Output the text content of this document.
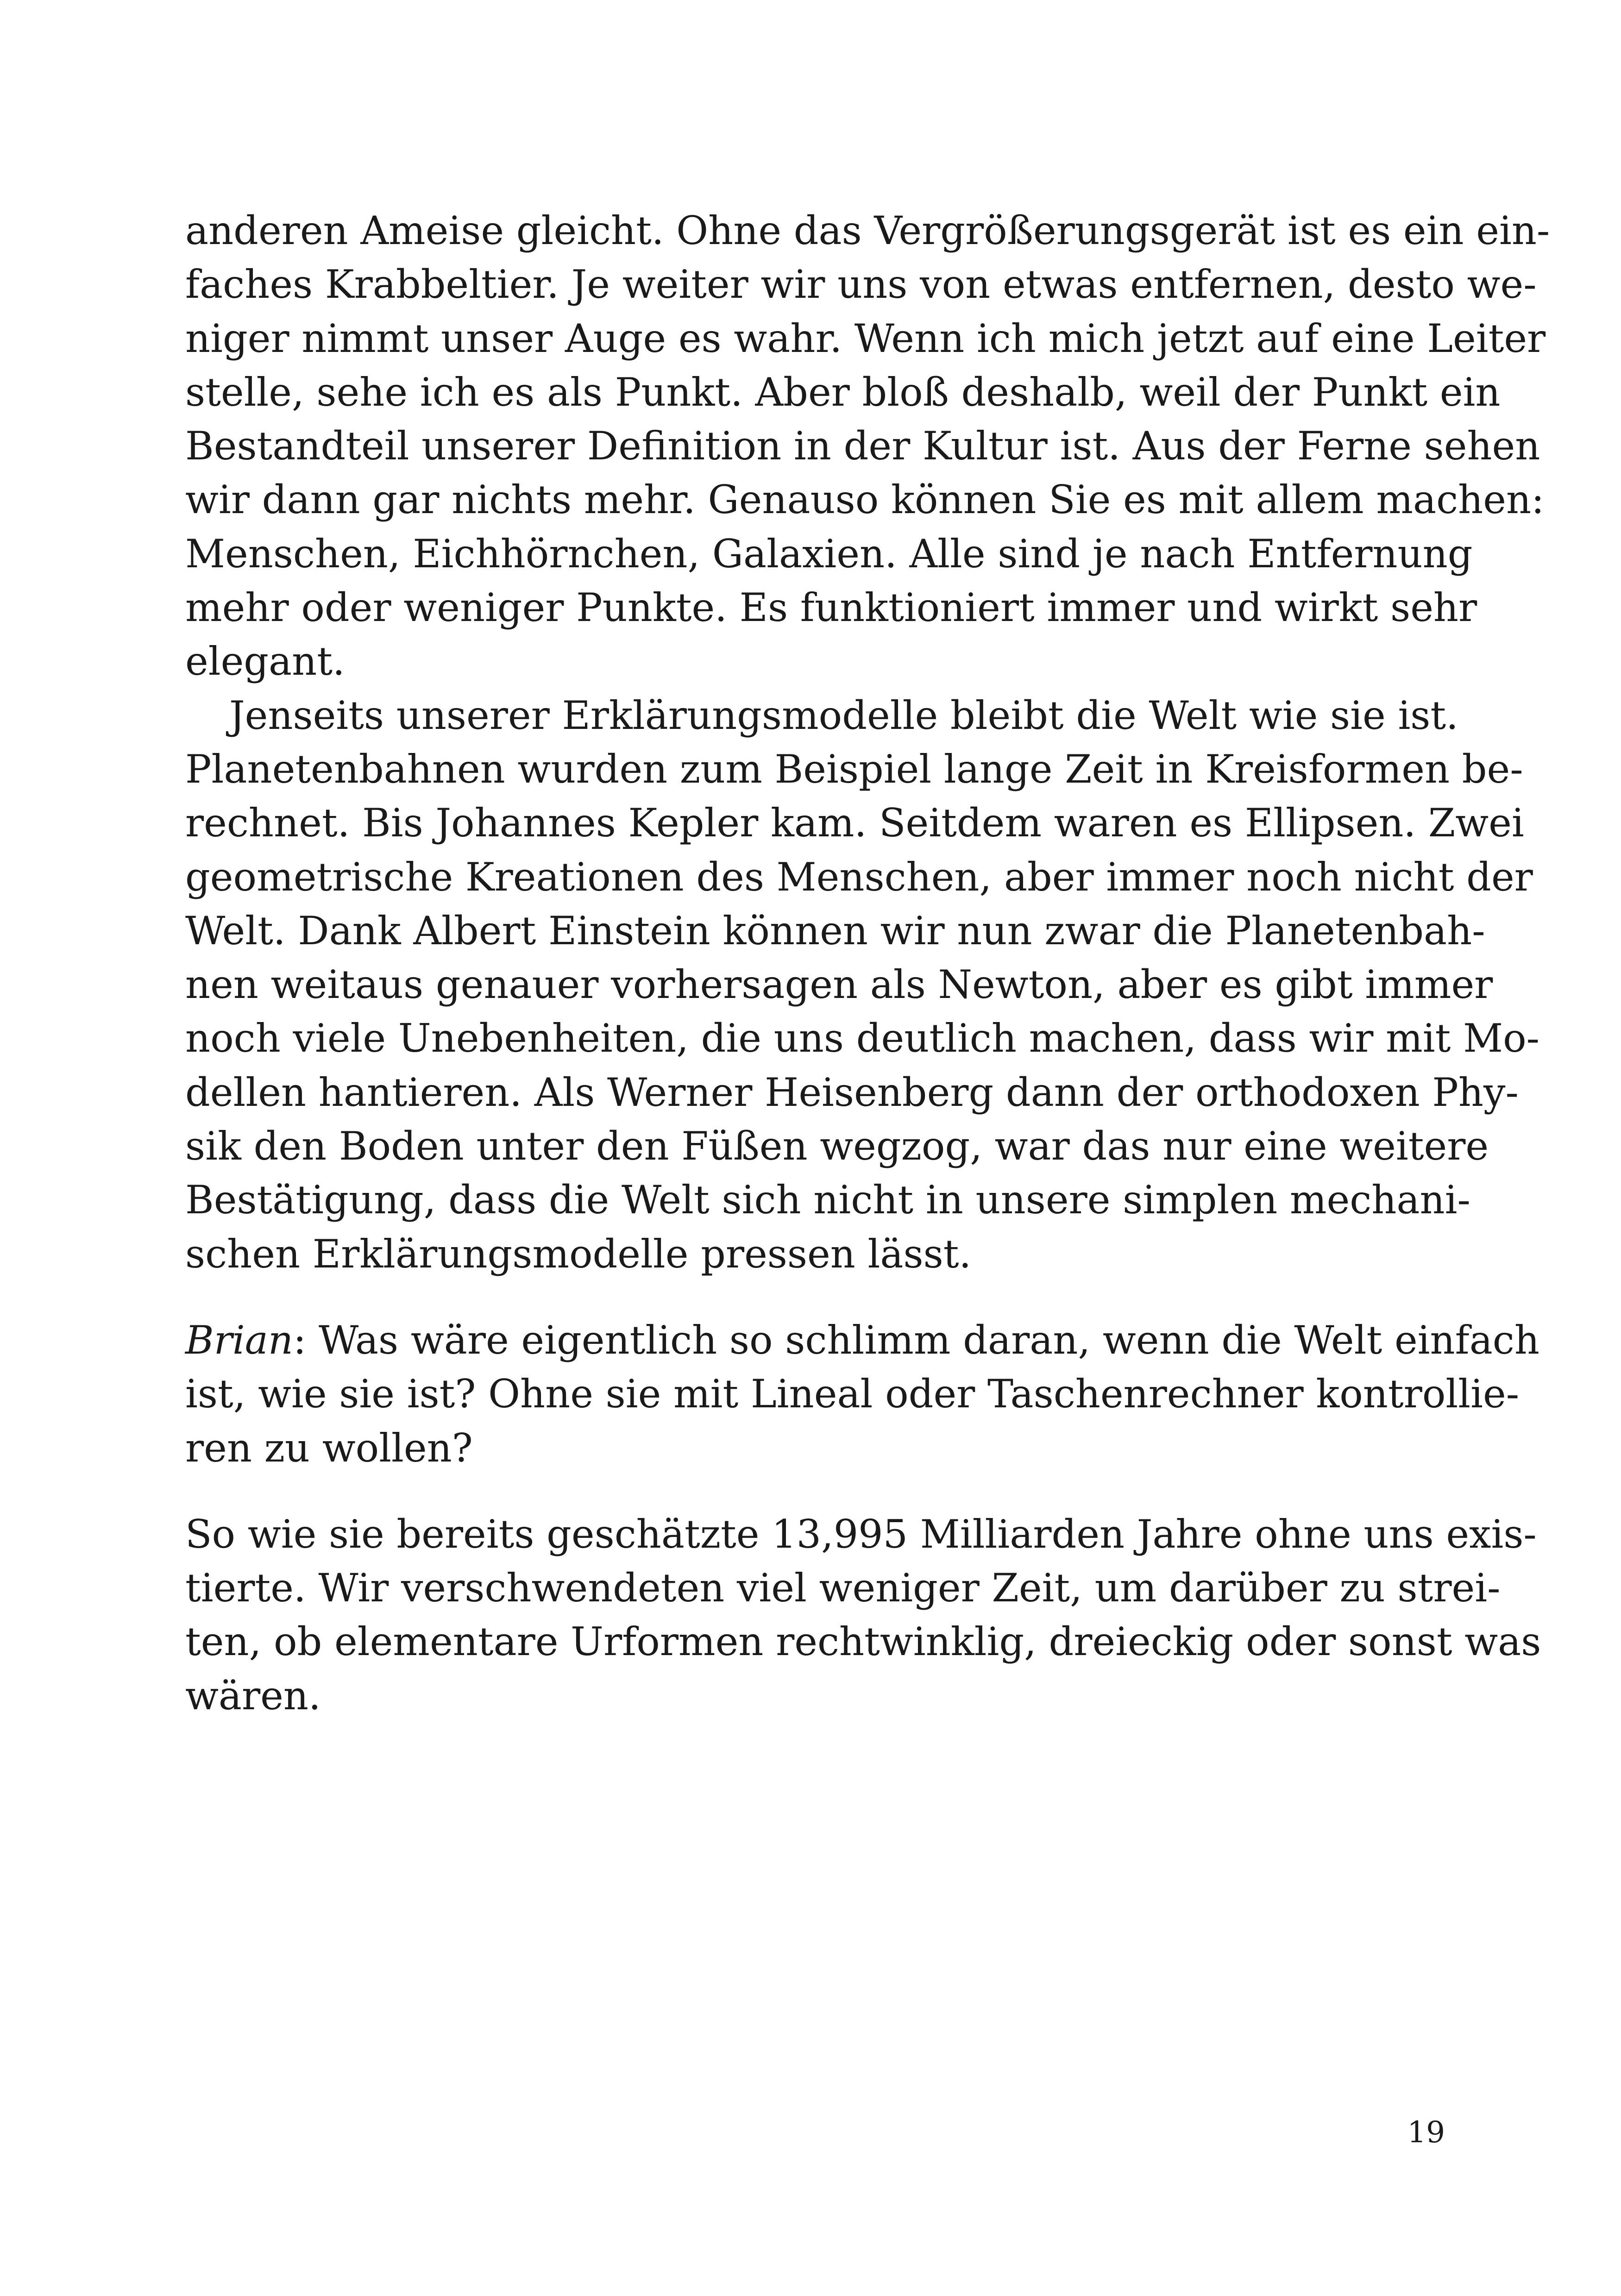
anderen Ameise gleicht. Ohne das Vergrößerungsgerät ist es ein ein-
faches Krabbeltier. Je weiter wir uns von etwas entfernen, desto we-
niger nimmt unser Auge es wahr. Wenn ich mich jetzt auf eine Leiter
stelle, sehe ich es als Punkt. Aber bloß deshalb, weil der Punkt ein
Bestandteil unserer Definition in der Kultur ist. Aus der Ferne sehen
wir dann gar nichts mehr. Genauso können Sie es mit allem machen:
Menschen, Eichhörnchen, Galaxien. Alle sind je nach Entfernung
mehr oder weniger Punkte. Es funktioniert immer und wirkt sehr
elegant.
Jenseits unserer Erklärungsmodelle bleibt die Welt wie sie ist.
Planetenbahnen wurden zum Beispiel lange Zeit in Kreisformen be-
rechnet. Bis Johannes Kepler kam. Seitdem waren es Ellipsen. Zwei
geometrische Kreationen des Menschen, aber immer noch nicht der
Welt. Dank Albert Einstein können wir nun zwar die Planetenbah-
nen weitaus genauer vorhersagen als Newton, aber es gibt immer
noch viele Unebenheiten, die uns deutlich machen, dass wir mit Mo-
dellen hantieren. Als Werner Heisenberg dann der orthodoxen Phy-
sik den Boden unter den Füßen wegzog, war das nur eine weitere
Bestätigung, dass die Welt sich nicht in unsere simplen mechani-
schen Erklärungsmodelle pressen lässt.
Brian: Was wäre eigentlich so schlimm daran, wenn die Welt einfach
ist, wie sie ist? Ohne sie mit Lineal oder Taschenrechner kontrollie-
ren zu wollen?
So wie sie bereits geschätzte 13,995 Milliarden Jahre ohne uns exis-
tierte. Wir verschwendeten viel weniger Zeit, um darüber zu strei-
ten, ob elementare Urformen rechtwinklig, dreieckig oder sonst was
wären.
19
